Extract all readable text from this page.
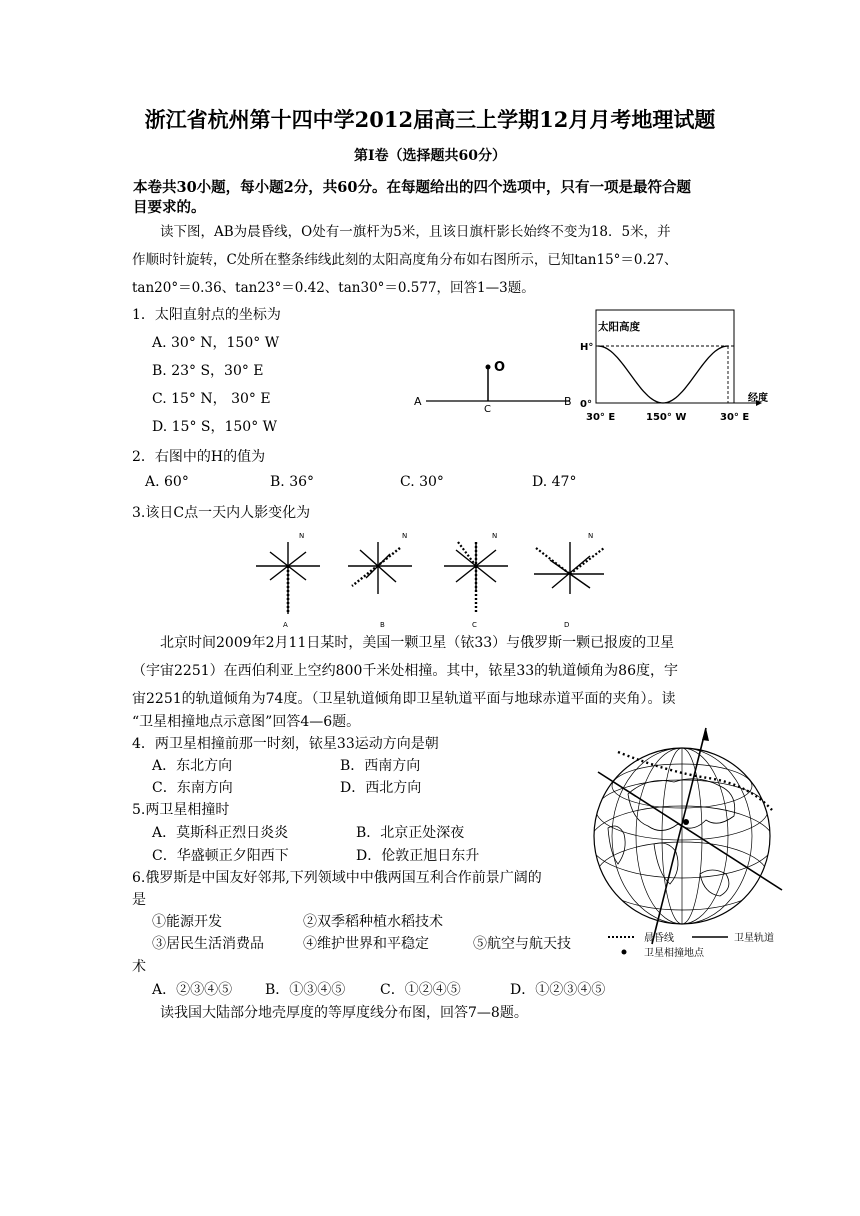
浙江省杭州第十四中学2012届高三上学期12月月考地理试题
第Ⅰ卷（选择题共60分）
本卷共30小题，每小题2分，共60分。在每题给出的四个选项中，只有一项是最符合题
目要求的。
读下图，AB为晨昏线，O处有一旗杆为5米，且该日旗杆影长始终不变为18．5米，并
作顺时针旋转，C处所在整条纬线此刻的太阳高度角分布如右图所示，已知tan15°＝0.27、
tan20°＝0.36、tan23°＝0.42、tan30°＝0.577，回答1—3题。
1．太阳直射点的坐标为
A. 30° N，150° W
B. 23° S，30° E
C. 15° N， 30° E
D. 15° S，150° W
A	B
C
O
太阳高度
H°
0°
经度
30° E	150° W	30° E
2．右图中的H的值为
A. 60°	B. 36°	C. 30°	D. 47°
3.该日C点一天内人影变化为
A
N
B
N
C
N
D
N
北京时间2009年2月11日某时，美国一颗卫星（铱33）与俄罗斯一颗已报废的卫星
（宇宙2251）在西伯利亚上空约800千米处相撞。其中，铱星33的轨道倾角为86度，宇
宙2251的轨道倾角为74度。（卫星轨道倾角即卫星轨道平面与地球赤道平面的夹角）。读
“卫星相撞地点示意图”回答4—6题。
4．两卫星相撞前那一时刻，铱星33运动方向是朝
A．东北方向	B．西南方向
C．东南方向	D．西北方向
5.两卫星相撞时
A．莫斯科正烈日炎炎	B．北京正处深夜
C．华盛顿正夕阳西下	D．伦敦正旭日东升
6.俄罗斯是中国友好邻邦,下列领域中中俄两国互利合作前景广阔的
是
①能源开发	②双季稻种植水稻技术
③居民生活消费品	④维护世界和平稳定	⑤航空与航天技
术
A．②③④⑤ B．①③④⑤ C．①②④⑤	D．①②③④⑤
晨昏线	卫星轨道
卫星相撞地点
读我国大陆部分地壳厚度的等厚度线分布图，回答7—8题。
